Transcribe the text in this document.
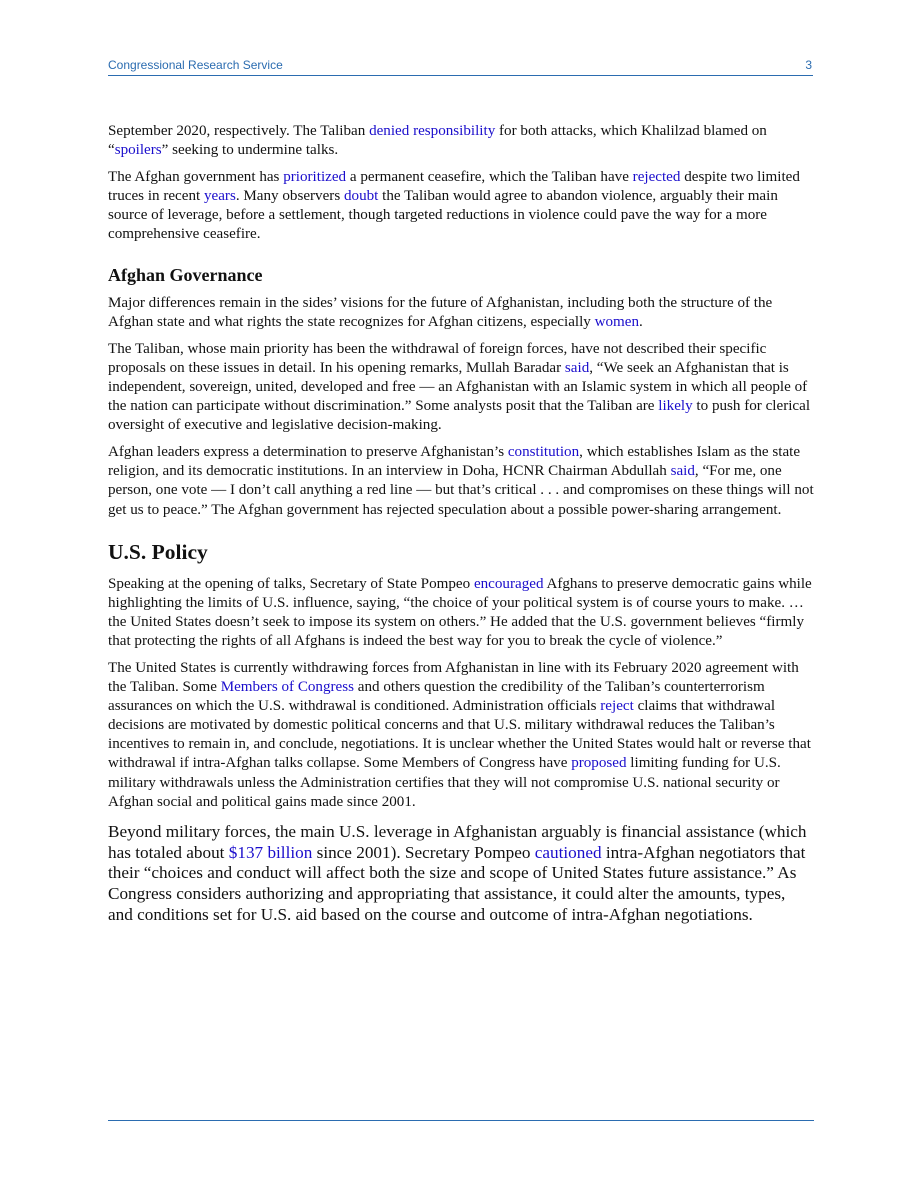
Congressional Research Service	3

September 2020, respectively. The Taliban denied responsibility for both attacks, which Khalilzad blamed on “spoilers” seeking to undermine talks.

The Afghan government has prioritized a permanent ceasefire, which the Taliban have rejected despite two limited truces in recent years. Many observers doubt the Taliban would agree to abandon violence, arguably their main source of leverage, before a settlement, though targeted reductions in violence could pave the way for a more comprehensive ceasefire.

Afghan Governance

Major differences remain in the sides’ visions for the future of Afghanistan, including both the structure of the Afghan state and what rights the state recognizes for Afghan citizens, especially women.

The Taliban, whose main priority has been the withdrawal of foreign forces, have not described their specific proposals on these issues in detail. In his opening remarks, Mullah Baradar said, “We seek an Afghanistan that is independent, sovereign, united, developed and free — an Afghanistan with an Islamic system in which all people of the nation can participate without discrimination.” Some analysts posit that the Taliban are likely to push for clerical oversight of executive and legislative decision-making.

Afghan leaders express a determination to preserve Afghanistan’s constitution, which establishes Islam as the state religion, and its democratic institutions. In an interview in Doha, HCNR Chairman Abdullah said, “For me, one person, one vote — I don’t call anything a red line — but that’s critical . . . and compromises on these things will not get us to peace.” The Afghan government has rejected speculation about a possible power-sharing arrangement.

U.S. Policy

Speaking at the opening of talks, Secretary of State Pompeo encouraged Afghans to preserve democratic gains while highlighting the limits of U.S. influence, saying, “the choice of your political system is of course yours to make. … the United States doesn’t seek to impose its system on others.” He added that the U.S. government believes “firmly that protecting the rights of all Afghans is indeed the best way for you to break the cycle of violence.”

The United States is currently withdrawing forces from Afghanistan in line with its February 2020 agreement with the Taliban. Some Members of Congress and others question the credibility of the Taliban’s counterterrorism assurances on which the U.S. withdrawal is conditioned. Administration officials reject claims that withdrawal decisions are motivated by domestic political concerns and that U.S. military withdrawal reduces the Taliban’s incentives to remain in, and conclude, negotiations. It is unclear whether the United States would halt or reverse that withdrawal if intra-Afghan talks collapse. Some Members of Congress have proposed limiting funding for U.S. military withdrawals unless the Administration certifies that they will not compromise U.S. national security or Afghan social and political gains made since 2001.

Beyond military forces, the main U.S. leverage in Afghanistan arguably is financial assistance (which has totaled about $137 billion since 2001). Secretary Pompeo cautioned intra-Afghan negotiators that their “choices and conduct will affect both the size and scope of United States future assistance.” As Congress considers authorizing and appropriating that assistance, it could alter the amounts, types, and conditions set for U.S. aid based on the course and outcome of intra-Afghan negotiations.
